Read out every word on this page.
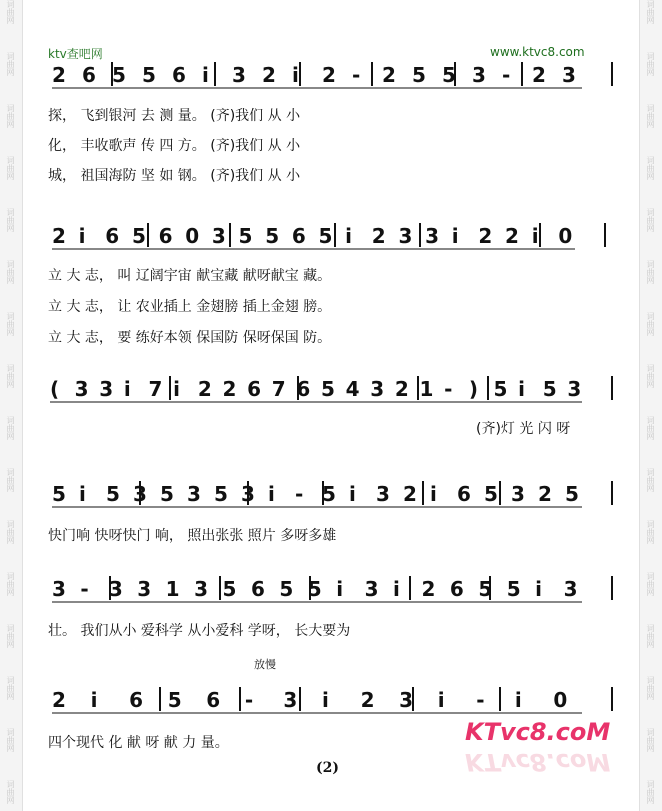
词曲网
词曲网
词曲网
词曲网
词曲网
词曲网
词曲网
词曲网
词曲网
词曲网
词曲网
词曲网
词曲网
词曲网
词曲网
词曲网
词曲网
词曲网
词曲网
词曲网
词曲网
词曲网
词曲网
词曲网
词曲网
词曲网
词曲网
词曲网
词曲网
词曲网
词曲网
词曲网
ktv查吧网	www.ktvc8.com
2 6 5 5 6 i 3 2 i 2 - 2 5 5 3 - 2 3
2 i 6 5 6 0 3 5 5 6 5 i 2 3 3 i 2 2 i 0
( 3 3 i 7 i 2 2 6 7 6 5 4 3 2 1 - ) 5 i 5 3
5 i 5 3 5 3 5 3 i - 5 i 3 2 i 6 5 3 2 5
3 - 3 3 1 3 5 6 5 5 i 3 i 2 6 5 5 i 3
2 i 6 5 6 - 3 i 2 3 i - i 0
探， 飞到银河 去 测 量。 (齐)我们 从 小
化， 丰收歌声 传 四 方。 (齐)我们 从 小
城， 祖国海防 坚 如 钢。 (齐)我们 从 小
立 大 志， 叫 辽阔宇宙 献宝藏 献呀献宝 藏。
立 大 志， 让 农业插上 金翅膀 插上金翅 膀。
立 大 志， 要 练好本领 保国防 保呀保国 防。
(齐)灯 光 闪 呀
快门响 快呀快门 响， 照出张张 照片 多呀多雄
壮。 我们从小 爱科学 从小爱科 学呀， 长大要为
放慢
四个现代 化 献 呀 献 力 量。	KTvc8.coM
KTvc8.coM
(2)
